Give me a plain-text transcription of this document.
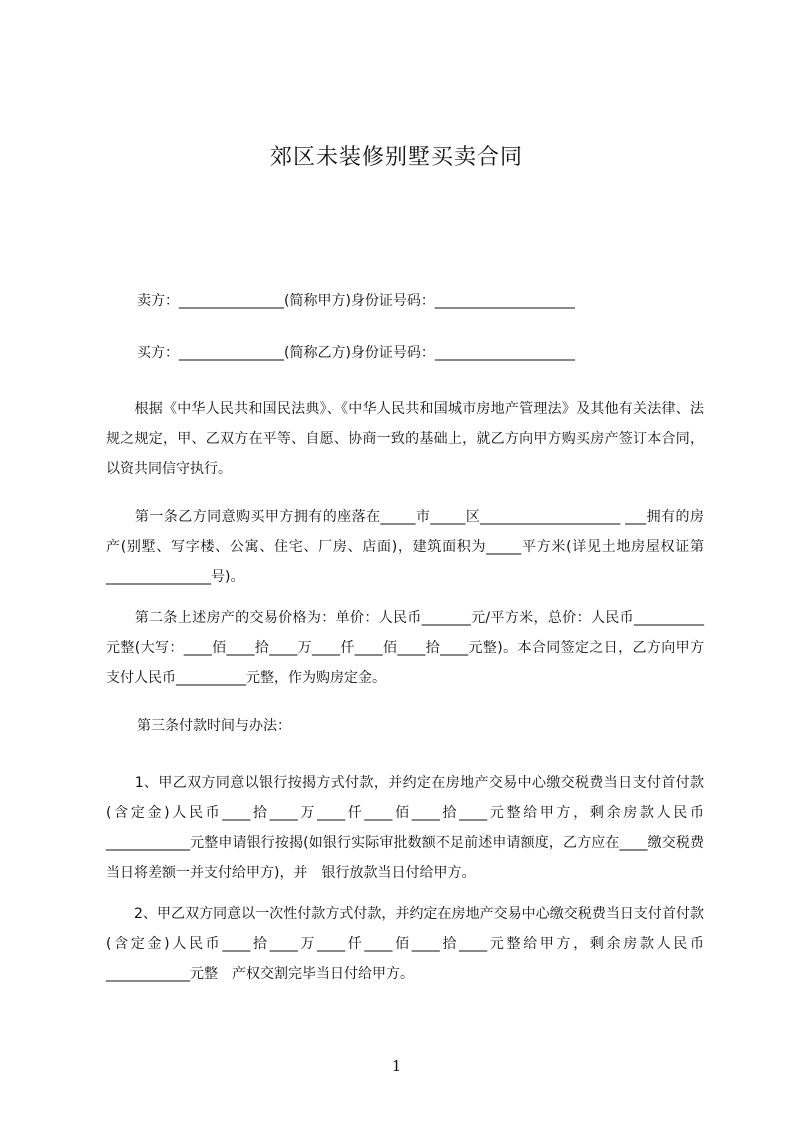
郊区未装修别墅买卖合同
卖方：_______________(简称甲方)身份证号码：____________________
买方：_______________(简称乙方)身份证号码：____________________
　　根据《中华人民共和国民法典》、《中华人民共和国城市房地产管理法》及其他有关法律、法规之规定，甲、乙双方在平等、自愿、协商一致的基础上，就乙方向甲方购买房产签订本合同，以资共同信守执行。
　　第一条乙方同意购买甲方拥有的座落在_____市_____区____________________ ___拥有的房产(别墅、写字楼、公寓、住宅、厂房、店面)，建筑面积为_____平方米(详见土地房屋权证第_______________号)。
　　第二条上述房产的交易价格为：单价：人民币_______元/平方米，总价：人民币__________元整(大写：____佰____拾____万____仟____佰____拾____元整)。本合同签定之日，乙方向甲方支付人民币__________元整，作为购房定金。
第三条付款时间与办法：
　　1、甲乙双方同意以银行按揭方式付款，并约定在房地产交易中心缴交税费当日支付首付款(含定金)人民币____拾____万____仟____佰____拾____元整给甲方，剩余房款人民币____________元整申请银行按揭(如银行实际审批数额不足前述申请额度，乙方应在____缴交税费当日将差额一并支付给甲方)，并　银行放款当日付给甲方。
　　2、甲乙双方同意以一次性付款方式付款，并约定在房地产交易中心缴交税费当日支付首付款(含定金)人民币____拾____万____仟____佰____拾____元整给甲方，剩余房款人民币____________元整　产权交割完毕当日付给甲方。
1
